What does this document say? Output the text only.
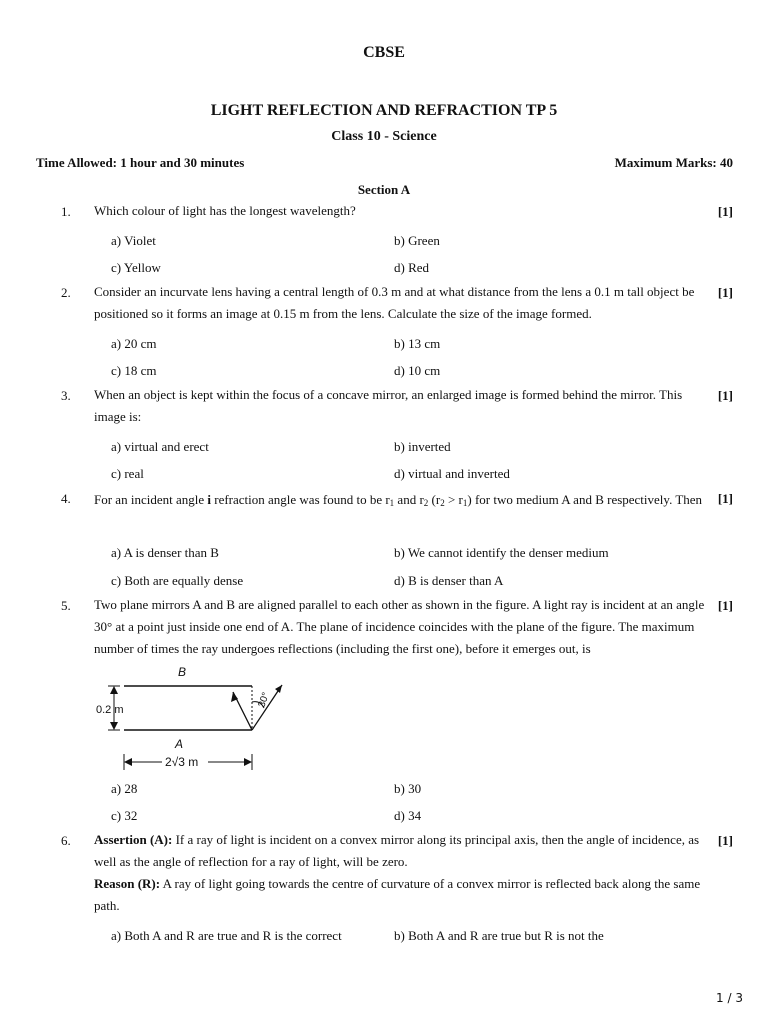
CBSE
LIGHT REFLECTION AND REFRACTION TP 5
Class 10 - Science
Time Allowed: 1 hour and 30 minutes	Maximum Marks: 40
Section A
1. Which colour of light has the longest wavelength?	[1]
a) Violet	b) Green
c) Yellow	d) Red
2. Consider an incurvate lens having a central length of 0.3 m and at what distance from the lens a 0.1 m tall object be positioned so it forms an image at 0.15 m from the lens. Calculate the size of the image formed.
[1]
a) 20 cm	b) 13 cm
c) 18 cm	d) 10 cm
3. When an object is kept within the focus of a concave mirror, an enlarged image is formed behind the mirror. This image is:
[1]
a) virtual and erect	b) inverted
c) real	d) virtual and inverted
4. For an incident angle i refraction angle was found to be $r_1$ and $r_2$ $(r_2 > r_1)$ for two medium A and B respectively. Then	[1]
a) A is denser than B	b) We cannot identify the denser medium
c) Both are equally dense	d) B is denser than A
5. Two plane mirrors A and B are aligned parallel to each other as shown in the figure. A light ray is incident at an angle 30° at a point just inside one end of A. The plane of incidence coincides with the plane of the figure. The maximum number of times the ray undergoes reflections (including the first one), before it emerges out, is
[1]
B
0.2 m
30°
A
2√3 m
a) 28	b) 30
c) 32	d) 34
6. Assertion (A): If a ray of light is incident on a convex mirror along its principal axis, then the angle of incidence, as well as the angle of reflection for a ray of light, will be zero.
Reason (R): A ray of light going towards the centre of curvature of a convex mirror is reflected back along the same path.
[1]
a) Both A and R are true and R is the correct	b) Both A and R are true but R is not the
1 / 3
